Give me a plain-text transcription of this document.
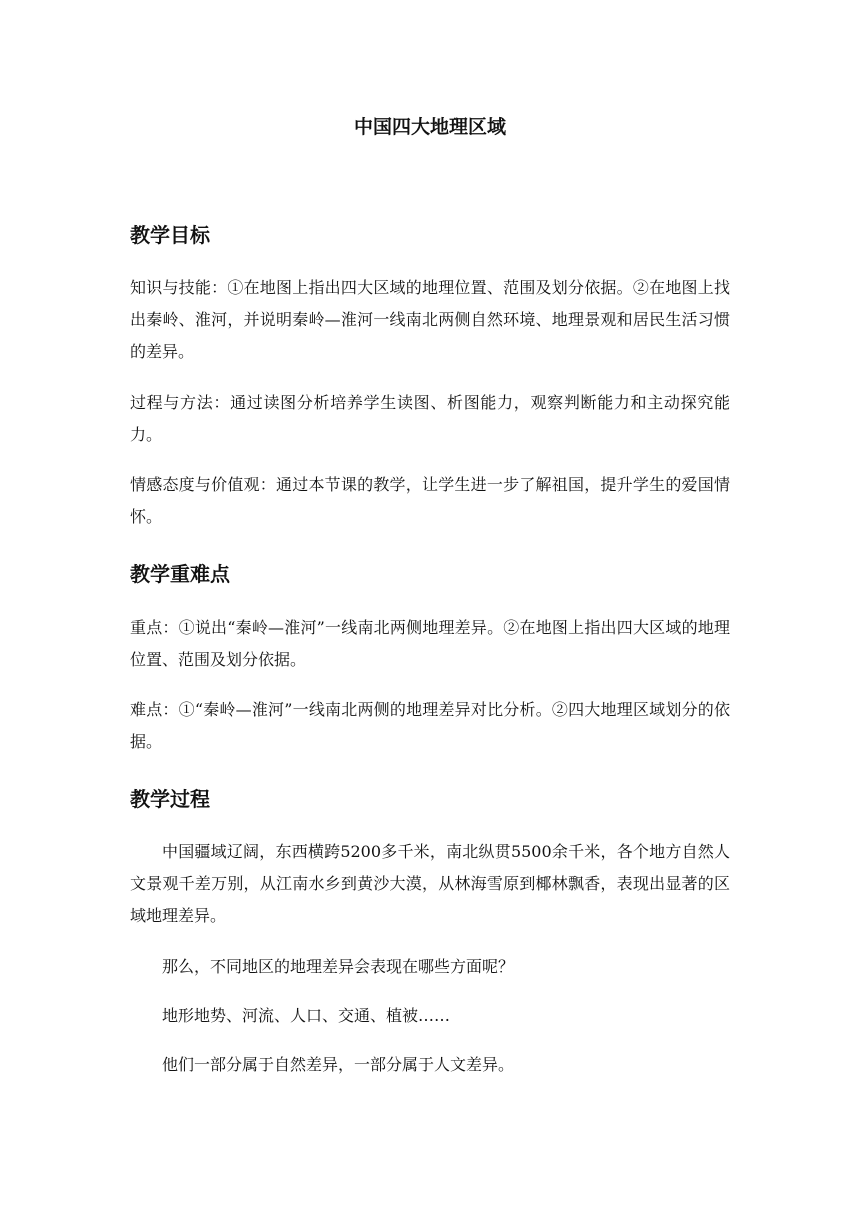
中国四大地理区域
教学目标

知识与技能：①在地图上指出四大区域的地理位置、范围及划分依据。②在地图上找出秦岭、淮河，并说明秦岭—淮河一线南北两侧自然环境、地理景观和居民生活习惯的差异。

过程与方法：通过读图分析培养学生读图、析图能力，观察判断能力和主动探究能力。

情感态度与价值观：通过本节课的教学，让学生进一步了解祖国，提升学生的爱国情怀。

教学重难点

重点：①说出“秦岭—淮河”一线南北两侧地理差异。②在地图上指出四大区域的地理位置、范围及划分依据。

难点：①“秦岭—淮河”一线南北两侧的地理差异对比分析。②四大地理区域划分的依据。

教学过程

中国疆域辽阔，东西横跨5200多千米，南北纵贯5500余千米，各个地方自然人文景观千差万别，从江南水乡到黄沙大漠，从林海雪原到椰林飘香，表现出显著的区域地理差异。

那么，不同地区的地理差异会表现在哪些方面呢？

地形地势、河流、人口、交通、植被……

他们一部分属于自然差异，一部分属于人文差异。
